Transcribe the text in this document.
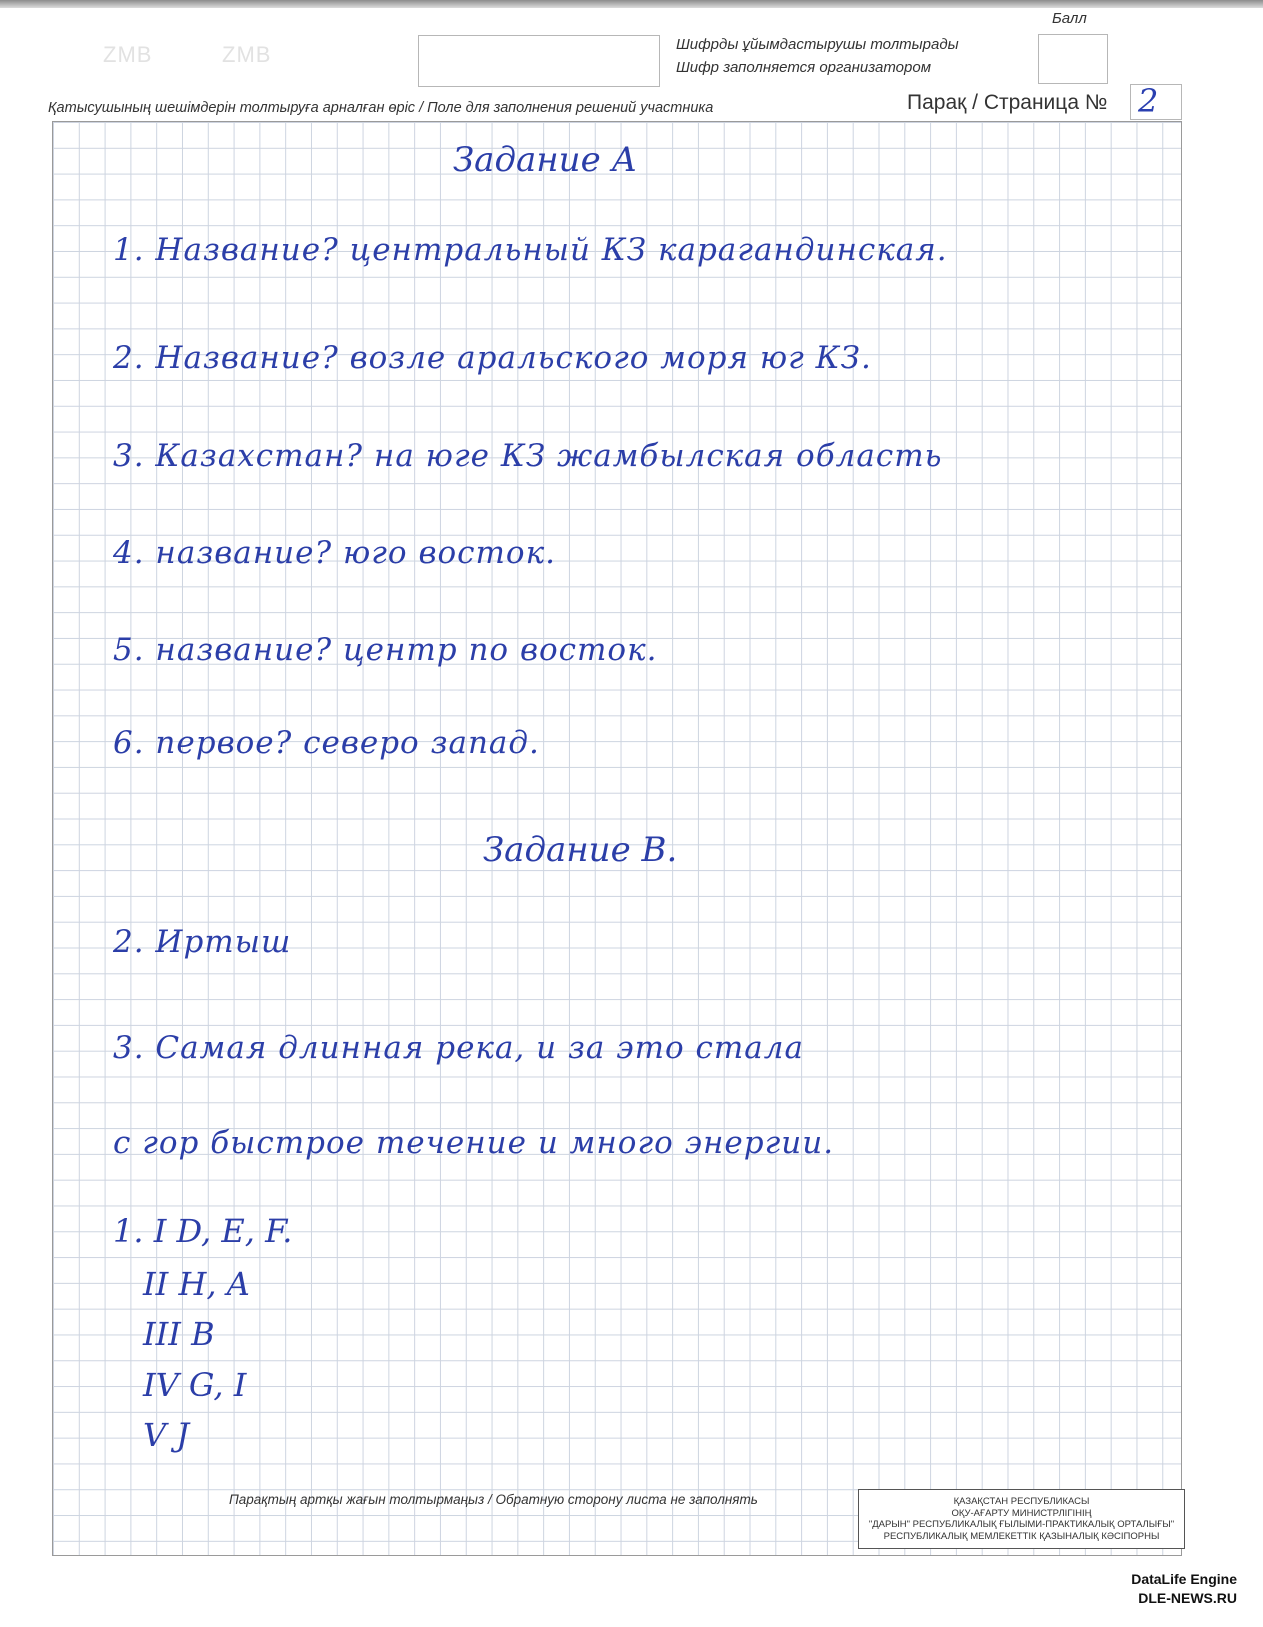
ZMB	ZMB	Шифрды ұйымдастырушы толтырады
Шифр заполняется организатором
Балл
Қатысушының шешімдерін толтыруға арналған өріс / Поле для заполнения решений участника	Парақ / Страница № 2

Задание А

1. Название? центральный КЗ карагандинская.

2. Название? возле аральского моря юг КЗ.

3. Казахстан? на юге КЗ жамбылская область

4. название? юго восток.

5. название? центр по восток.

6. первое? северо запад.

Задание В.

2. Иртыш

3. Самая длинная река, и за это стала

с гор быстрое течение и много энергии.

1. I D, E, F.

II H, A

III B

IV G, I

V J

Парақтың артқы жағын толтырмаңыз / Обратную сторону листа не заполнять	ҚАЗАҚСТАН РЕСПУБЛИКАСЫ
ОҚУ-АҒАРТУ МИНИСТРЛІГІНІҢ
"ДАРЫН" РЕСПУБЛИКАЛЫҚ ҒЫЛЫМИ-ПРАКТИКАЛЫҚ ОРТАЛЫҒЫ"
РЕСПУБЛИКАЛЫҚ МЕМЛЕКЕТТІК ҚАЗЫНАЛЫҚ КӘСІПОРНЫ
DataLife Engine
DLE-NEWS.RU
